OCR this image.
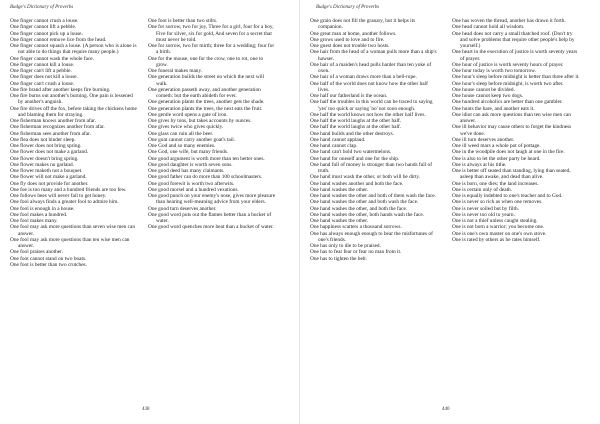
Budge's Dictionary of Proverbs

One finger cannot crush a louse.

One finger cannot lift a pebble.

One finger cannot pick up a louse.

One finger cannot remove lice from the head.

One finger cannot squash a louse. (A person who is alone is not able to do things that require many people.)

One finger cannot wash the whole face.

One finger cannot kill a louse.

One finger can't lift a pebble.

One finger does not kill a louse.

One finger can't crush a louse.

One fire brand after another keeps fire burning.

One fire burns out another's burning. One pain is lessened by another's anguish.

One fire drives off the fox, before taking the chickens home and blaming them for straying.

One fisherman knows another from afar.

One fisherman recognizes another from afar.

One fisherman sees another from afar.

One flea does not hinder sleep.

One flower does not bring spring.

One flower does not make a garland.

One flower doesn't bring spring.

One flower makes no garland.

One flower maketh not a bouquet.

One flower will not make a garland.

One fly does not provide for another.

One foe is too many and a hundred friends are too few.

One follows bees will never fail to get honey.

One fool always finds a greater fool to admire him.

One fool is enough in a house.

One fool makes a hundred.

One fool makes many.

One fool may ask more questions than seven wise men can answer.

One fool may ask more questions than ten wise men can answer.

One fool praises another.

One foot cannot stand on two boats.

One foot is better than two crutches.

One foot is better than two stilts.

One for sorrow, two for joy, Three for a girl, four for a boy, Five for silver, six for gold, And seven for a secret that must never be told.

One for sorrow, two for mirth; three for a wedding; four for a birth.

One for the mouse, one for the crow, one to rot, one to grow.

One funeral makes many.

One generation builds the street on which the next will walk.

One generation passeth away, and another generation cometh: but the earth abideth for ever.

One generation plants the trees, another gets the shade.

One generation plants the trees, the next eats the fruit.

One gentle word opens a gate of iron.

One gives by tons, but takes accounts by ounces.

One gives twice who gives quickly.

One glass can ruin all the beer.

One goat cannot carry another goat's tail.

One God and so many enemies.

One God, one wife, but many friends.

One good argument is worth more than ten better ones.

One good daughter is worth seven sons.

One good deed has many claimants.

One good father can do more than 100 schoolmasters.

One good forewit is worth two afterwits.

One good morsel and a hundred vexations.

One good punch on your enemy's nose, gives more pleasure than hearing well-meaning advice from your elders.

One good turn deserves another.

One good word puts out the flames better than a bucket of water.

One good word quenches more heat than a bucket of water.

438
Budge's Dictionary of Proverbs

One grain does not fill the granary, but it helps its companion.

One great man at home, another follows.

One grows used to love and to fire.

One guest does not trouble two hosts.

One hair from the head of a woman pulls more than a ship's hawser.

One hair of a maiden's head pulls harder than ten yoke of oxen.

One hair of a woman draws more than a bell-rope.

One half of the world does not know how the other half lives.

One half our fatherland is the ocean.

One half the troubles in this world can be traced to saying 'yes' too quick or saying 'no' not soon enough.

One half the world knows not how the other half lives.

One half the world laughs at the other half.

One half the world laughs at the other half.

One hand builds and the other destroys.

One hand cannot applaud.

One hand cannot clap.

One hand can't hold two watermelons.

One hand for oneself and one for the ship.

One hand full of money is stronger than two hands full of truth.

One hand must wash the other, or both will be dirty.

One hand washes another and both the face.

One hand washes the other.

One hand washes the other and both of them wash the face.

One hand washes the other and both wash the face.

One hand washes the other, and both the face.

One hand washes the other, both hands wash the face.

One hand washes the other.

One happiness scatters a thousand sorrows.

One has always enough enough to bear the misfortunes of one's friends.

One has only to die to be praised.

One has to fear fear or fear no man from it.

One has to tighten the belt.

One has woven the thread, another has drawn it forth.

One head cannot hold all wisdom.

One head does not carry a small thatched roof. (Don't try and solve problems that require other people's help by yourself.)

One heart in the execution of justice is worth seventy years of prayer.

One hour of justice is worth seventy hours of prayer.

One hour today is worth two tomorrow.

One hour's sleep before midnight is better than three after it.

One hour's sleep before midnight, is worth two after.

One house cannot be divided.

One house cannot keep two dogs.

One hundred alcoholics are better than one gambler.

One hunts the hare, and another eats it.

One idiot can ask more questions than ten wise men can answer.

One ill behavior may cause others to forget the kindness we've done.

One ill turn deserves another.

One ill weed mars a whole pot of pottage.

One in the woodpile does not laugh at one in the fire.

One is also to let the other party be heard.

One is always at his tithe.

One is better off seated than standing, lying than seated, asleep than awake, and dead than alive.

One is born, one dies; the land increases.

One is certain only of death.

One is equally indebted to one's teacher and to God.

One is never so rich as when one removes.

One is never soiled but by filth.

One is never too old to yearn.

One is not a thief unless caught stealing.

One is not born a warrior; you become one.

One is one's own master on one's own stove.

One is rated by others as he rates himself.

440
